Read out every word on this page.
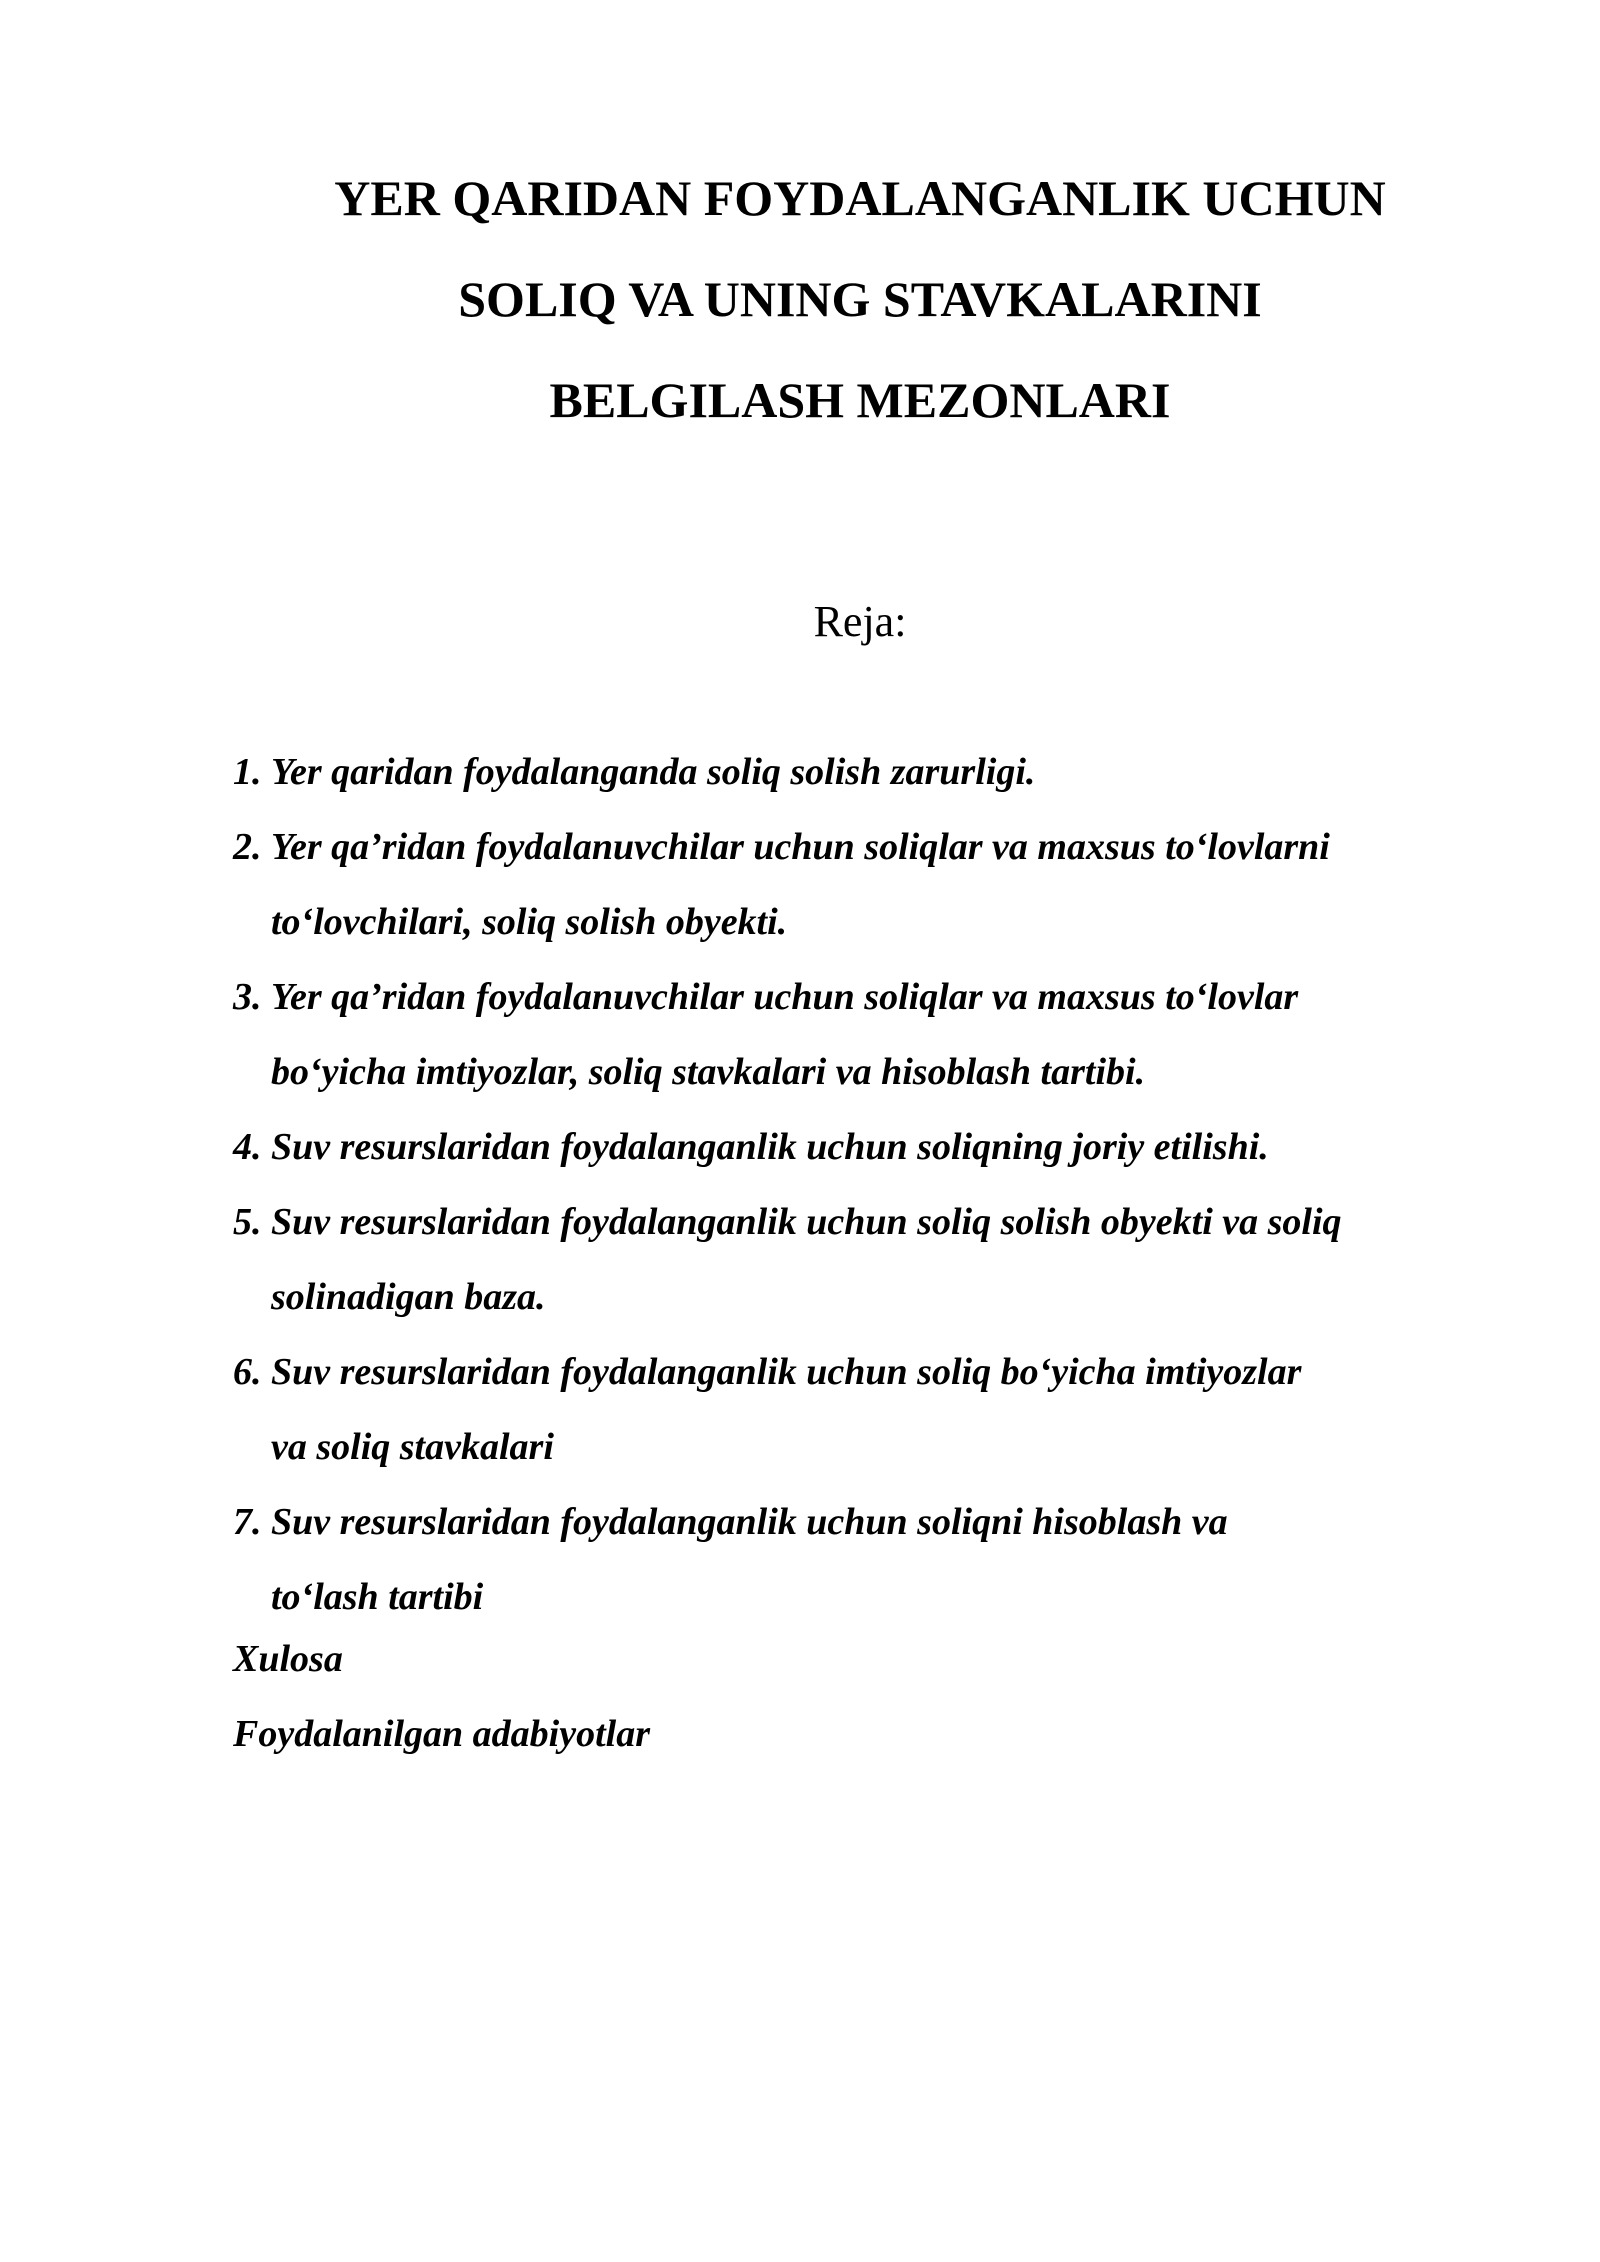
YER QARIDAN FOYDALANGANLIK UCHUN
SOLIQ VA UNING STAVKALARINI
BELGILASH MEZONLARI

Reja:

1. Yer qaridan foydalanganda soliq solish zarurligi.
2. Yer qa’ridan foydalanuvchilar uchun soliqlar va maxsus to‘lovlarni
to‘lovchilari, soliq solish obyekti.
3. Yer qa’ridan foydalanuvchilar uchun soliqlar va maxsus to‘lovlar
bo‘yicha imtiyozlar, soliq stavkalari va hisoblash tartibi.
4. Suv resurslaridan foydalanganlik uchun soliqning joriy etilishi.
5. Suv resurslaridan foydalanganlik uchun soliq solish obyekti va soliq
solinadigan baza.
6. Suv resurslaridan foydalanganlik uchun soliq bo‘yicha imtiyozlar
va soliq stavkalari
7. Suv resurslaridan foydalanganlik uchun soliqni hisoblash va
to‘lash tartibi

Xulosa

Foydalanilgan adabiyotlar
